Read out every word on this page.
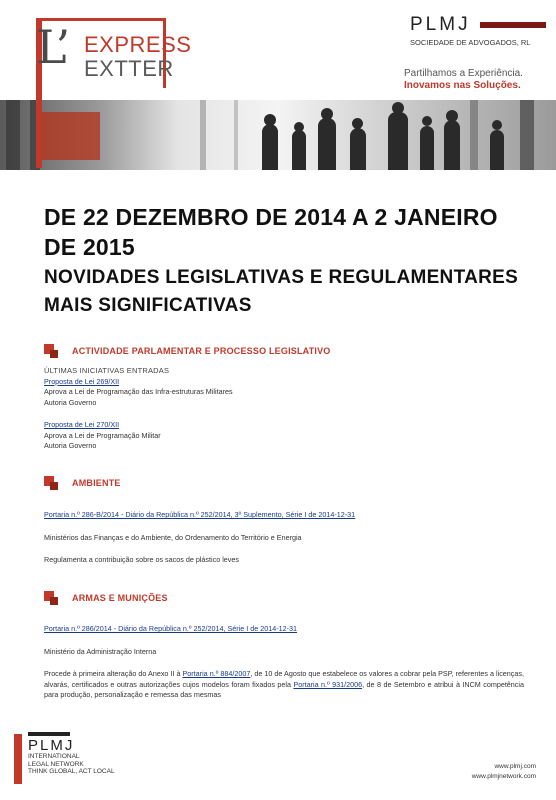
L’ EXPRESS
EXTTER
PLMJ
SOCIEDADE DE ADVOGADOS, RL
Partilhamos a Experiência.
Inovamos nas Soluções.
DE 22 DEZEMBRO DE 2014 A 2 JANEIRO DE 2015
NOVIDADES LEGISLATIVAS E REGULAMENTARES MAIS SIGNIFICATIVAS
ACTIVIDADE PARLAMENTAR E PROCESSO LEGISLATIVO

ÚLTIMAS INICIATIVAS ENTRADAS

Proposta de Lei 269/XII

Aprova a Lei de Programação das Infra-estruturas Militares

Autoria Governo

Proposta de Lei 270/XII

Aprova a Lei de Programação Militar

Autoria Governo

AMBIENTE

Portaria n.º 286-B/2014 - Diário da República n.º 252/2014, 3º Suplemento, Série I de 2014-12-31

Ministérios das Finanças e do Ambiente, do Ordenamento do Território e Energia

Regulamenta a contribuição sobre os sacos de plástico leves

ARMAS E MUNIÇÕES

Portaria n.º 286/2014 - Diário da República n.º 252/2014, Série I de 2014-12-31

Ministério da Administração Interna

Procede à primeira alteração do Anexo II à Portaria n.º 884/2007, de 10 de Agosto que estabelece os valores a cobrar pela PSP, referentes a licenças, alvarás, certificados e outras autorizações cujos modelos foram fixados pela Portaria n.º 931/2006, de 8 de Setembro e atribui à INCM competência para produção, personalização e remessa das mesmas

PLMJ
INTERNATIONAL
LEGAL NETWORK
THINK GLOBAL, ACT LOCAL
www.plmj.com
www.plmjnetwork.com
